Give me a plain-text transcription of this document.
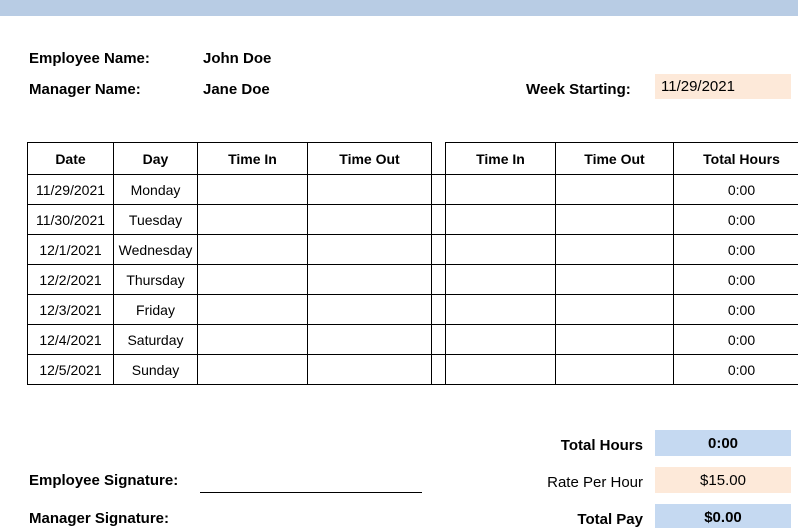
Employee Name:	John Doe
Manager Name:	Jane Doe	Week Starting: 11/29/2021
Date	Day	Time In	Time Out		Time In	Time Out	Total Hours
11/29/2021	Monday						0:00
11/30/2021	Tuesday						0:00
12/1/2021	Wednesday						0:00
12/2/2021	Thursday						0:00
12/3/2021	Friday						0:00
12/4/2021	Saturday						0:00
12/5/2021	Sunday						0:00
Employee Signature:
Manager Signature:
Total Hours	0:00
Rate Per Hour	$15.00
Total Pay	$0.00
